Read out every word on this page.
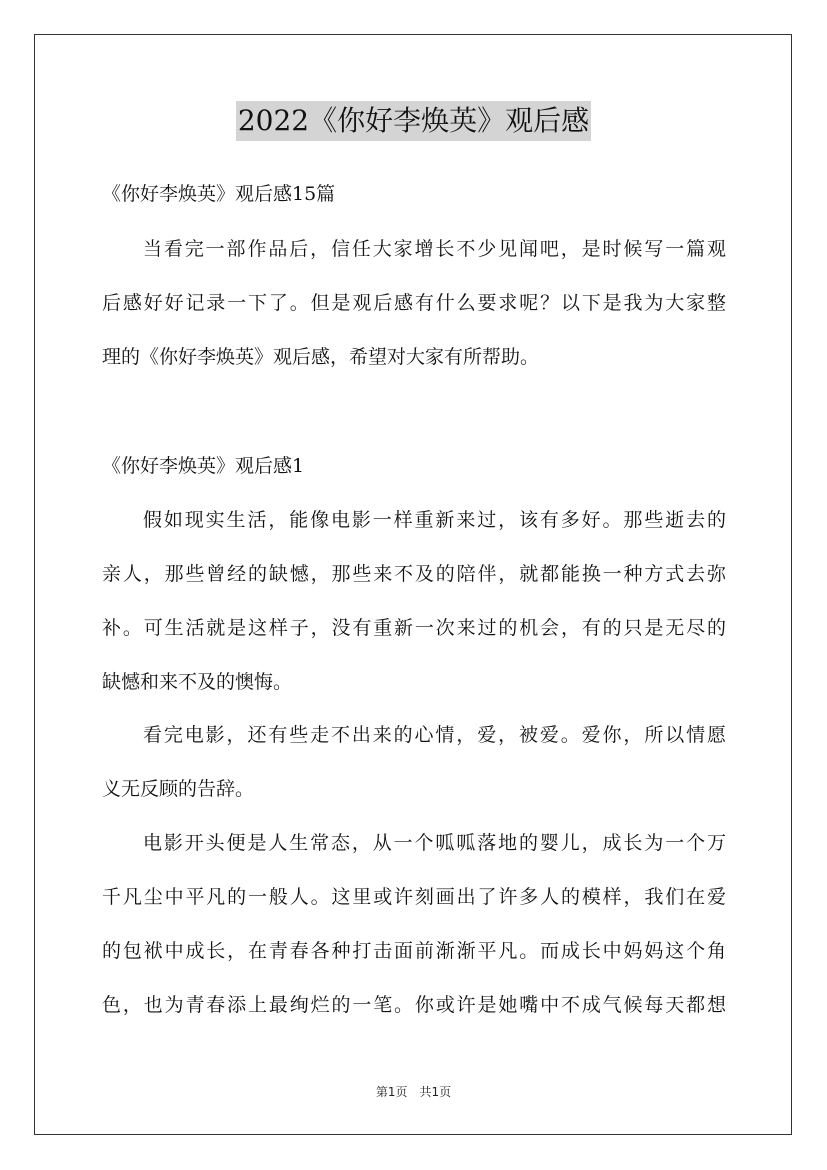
2022《你好李焕英》观后感
《你好李焕英》观后感15篇
当看完一部作品后，信任大家增长不少见闻吧，是时候写一篇观
后感好好记录一下了。但是观后感有什么要求呢？以下是我为大家整
理的《你好李焕英》观后感，希望对大家有所帮助。
《你好李焕英》观后感1
假如现实生活，能像电影一样重新来过，该有多好。那些逝去的
亲人，那些曾经的缺憾，那些来不及的陪伴，就都能换一种方式去弥
补。可生活就是这样子，没有重新一次来过的机会，有的只是无尽的
缺憾和来不及的懊悔。
看完电影，还有些走不出来的心情，爱，被爱。爱你，所以情愿
义无反顾的告辞。
电影开头便是人生常态，从一个呱呱落地的婴儿，成长为一个万
千凡尘中平凡的一般人。这里或许刻画出了许多人的模样，我们在爱
的包袱中成长，在青春各种打击面前渐渐平凡。而成长中妈妈这个角
色，也为青春添上最绚烂的一笔。你或许是她嘴中不成气候每天都想
第1页　共1页
